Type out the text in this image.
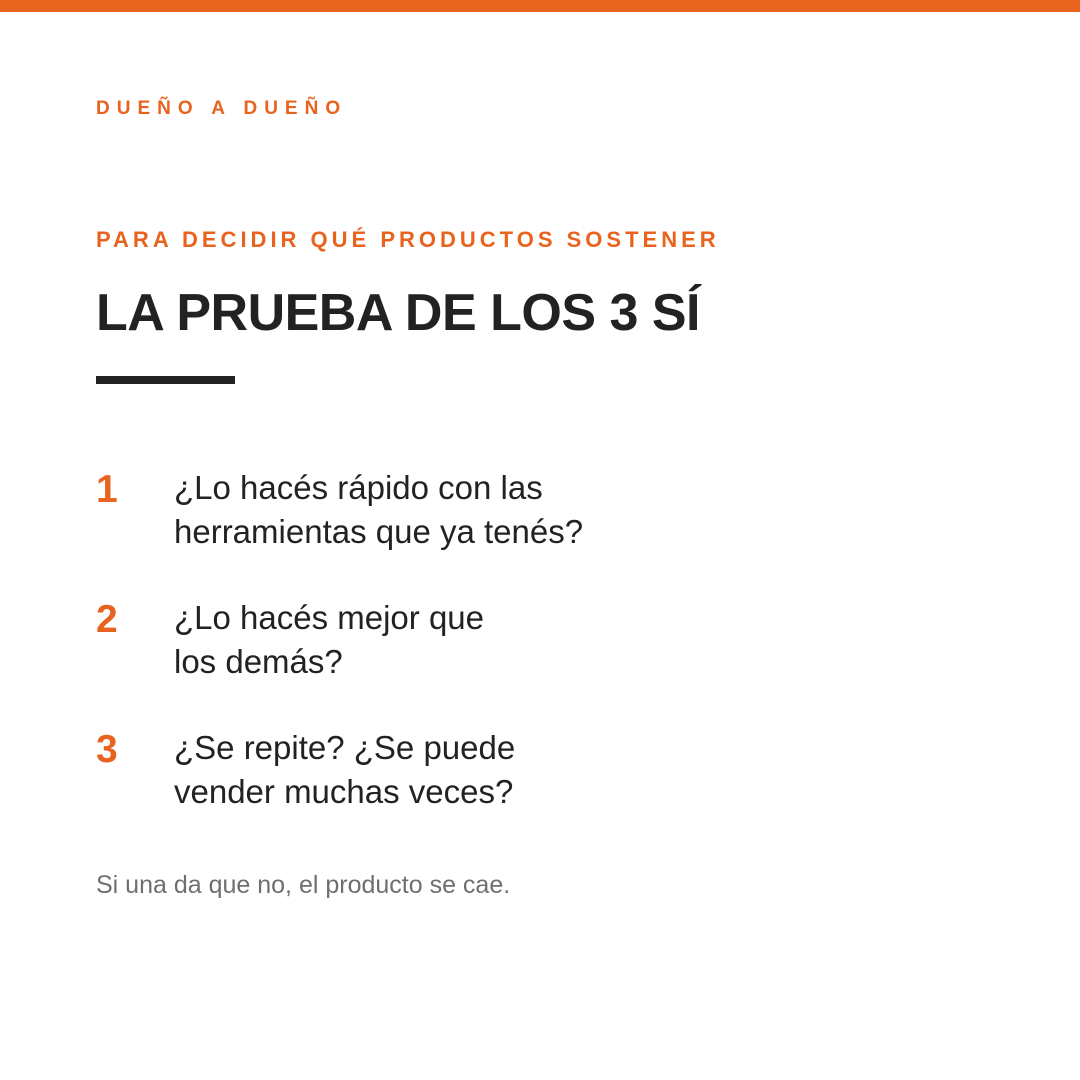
DUEÑO A DUEÑO
PARA DECIDIR QUÉ PRODUCTOS SOSTENER
LA PRUEBA DE LOS 3 SÍ
1	¿Lo hacés rápido con las
herramientas que ya tenés?
2	¿Lo hacés mejor que
los demás?
3	¿Se repite? ¿Se puede
vender muchas veces?
Si una da que no, el producto se cae.
